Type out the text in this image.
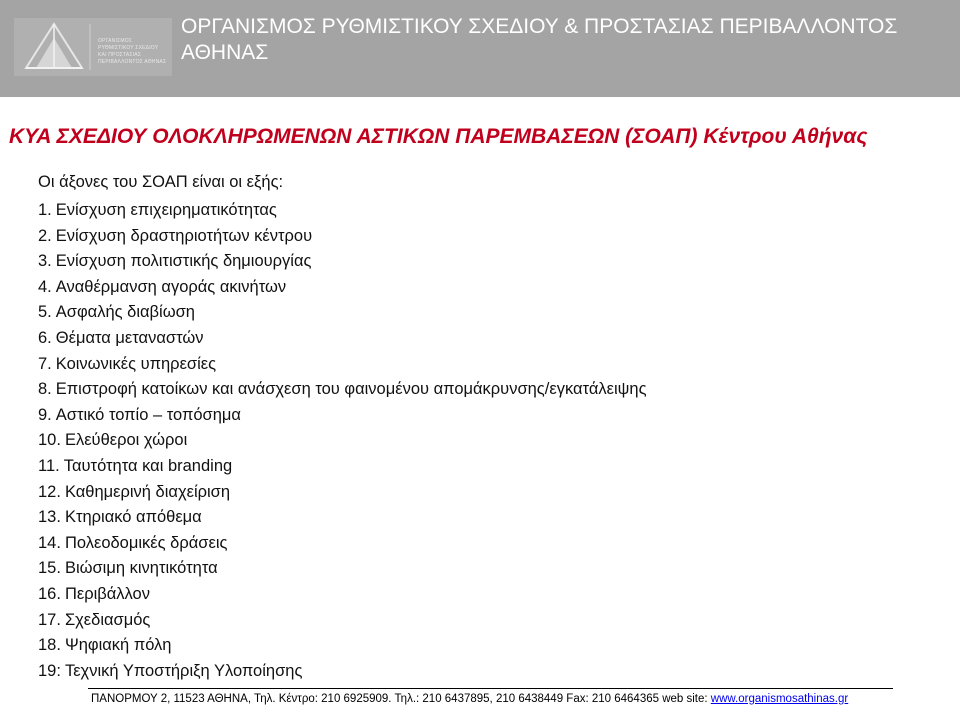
ΟΡΓΑΝΙΣΜΟΣ ΡΥΘΜΙΣΤΙΚΟΥ ΣΧΕΔΙΟΥ ΚΑΙ ΠΡΟΣΤΑΣΙΑΣ ΠΕΡΙΒΑΛΛΟΝΤΟΣ ΑΘΗΝΑΣ
ΟΡΓΑΝΙΣΜΟΣ ΡΥΘΜΙΣΤΙΚΟΥ ΣΧΕΔΙΟΥ & ΠΡΟΣΤΑΣΙΑΣ ΠΕΡΙΒΑΛΛΟΝΤΟΣ ΑΘΗΝΑΣ
ΚΥΑ ΣΧΕΔΙΟΥ ΟΛΟΚΛΗΡΩΜΕΝΩΝ ΑΣΤΙΚΩΝ ΠΑΡΕΜΒΑΣΕΩΝ (ΣΟΑΠ) Κέντρου Αθήνας
Οι άξονες του ΣΟΑΠ είναι οι εξής:
1. Ενίσχυση επιχειρηματικότητας
2. Ενίσχυση δραστηριοτήτων κέντρου
3. Ενίσχυση πολιτιστικής δημιουργίας
4. Αναθέρμανση αγοράς ακινήτων
5. Ασφαλής διαβίωση
6. Θέματα μεταναστών
7. Κοινωνικές υπηρεσίες
8. Επιστροφή κατοίκων και ανάσχεση του φαινομένου απομάκρυνσης/εγκατάλειψης
9. Αστικό τοπίο – τοπόσημα
10. Ελεύθεροι χώροι
11. Ταυτότητα και branding
12. Καθημερινή διαχείριση
13. Κτηριακό απόθεμα
14. Πολεοδομικές δράσεις
15. Βιώσιμη κινητικότητα
16. Περιβάλλον
17. Σχεδιασμός
18. Ψηφιακή πόλη
19: Τεχνική Υποστήριξη Υλοποίησης
ΠΑΝΟΡΜΟΥ 2, 11523 ΑΘΗΝΑ, Τηλ. Κέντρο: 210 6925909. Τηλ.: 210 6437895, 210 6438449 Fax: 210 6464365 web site: www.organismosathinas.gr
